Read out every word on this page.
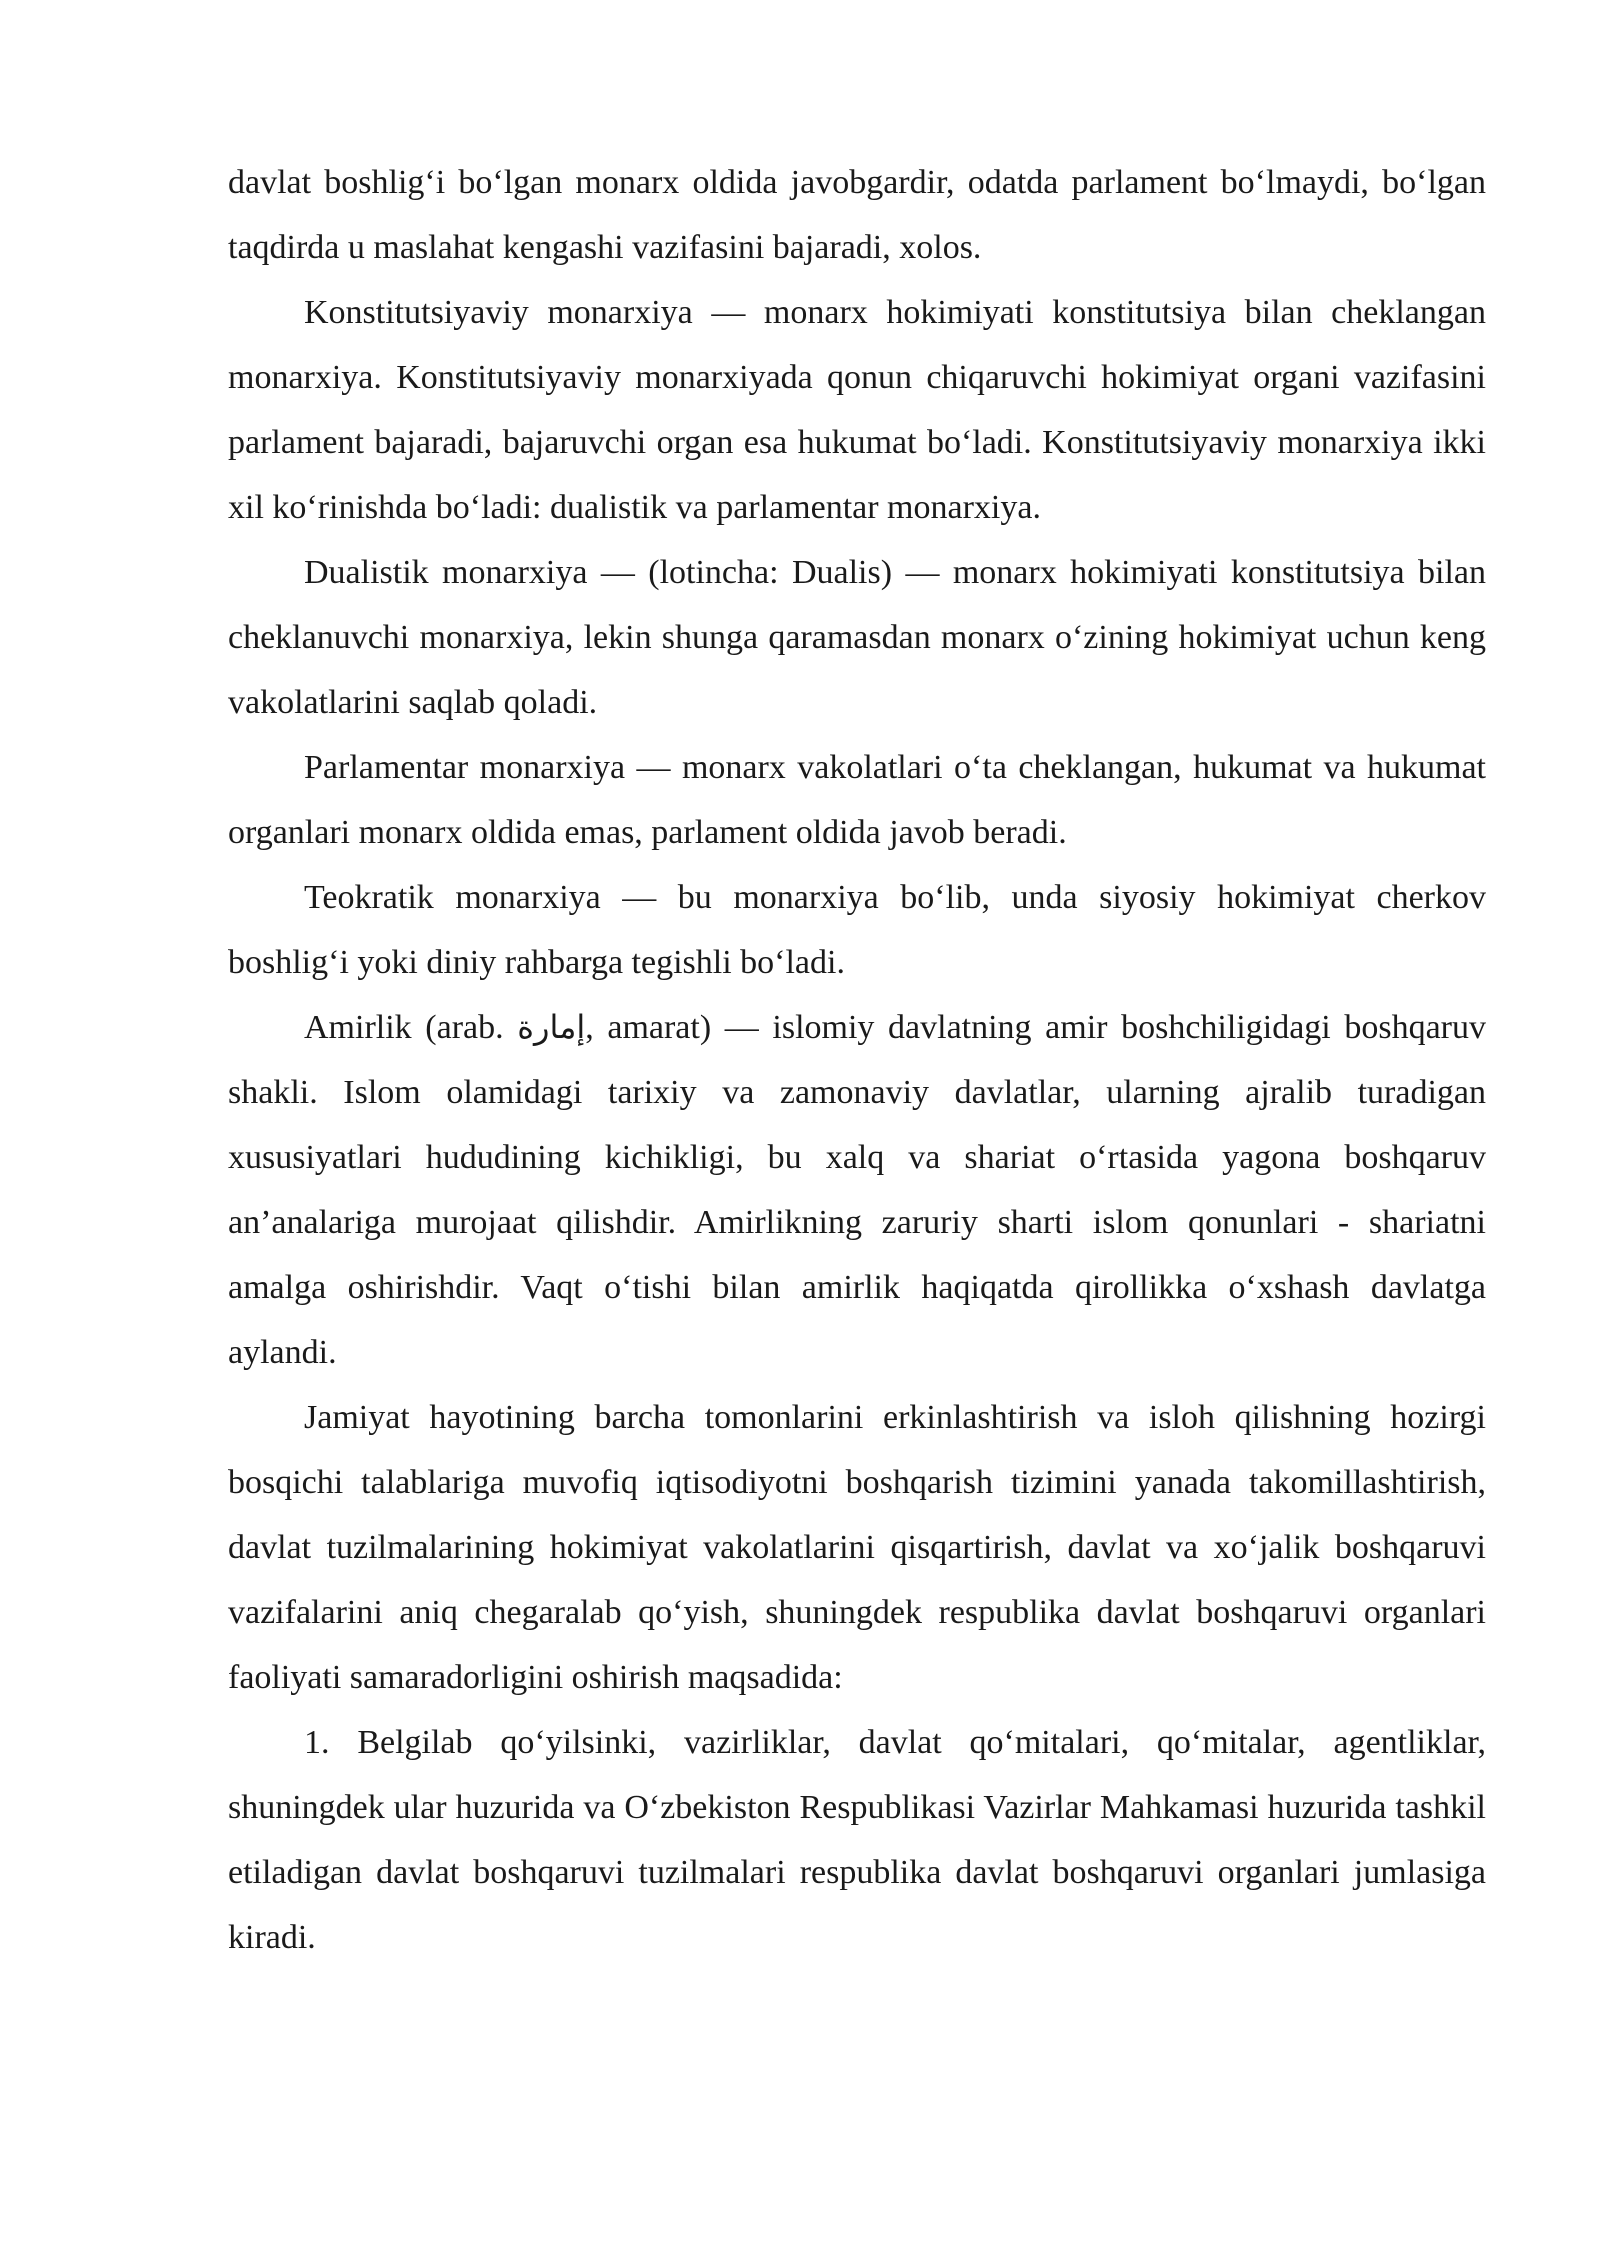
davlat boshlig‘i bo‘lgan monarx oldida javobgardir, odatda parlament bo‘lmaydi, bo‘lgan taqdirda u maslahat kengashi vazifasini bajaradi, xolos.

Konstitutsiyaviy monarxiya — monarx hokimiyati konstitutsiya bilan cheklangan monarxiya. Konstitutsiyaviy monarxiyada qonun chiqaruvchi hokimiyat organi vazifasini parlament bajaradi, bajaruvchi organ esa hukumat bo‘ladi. Konstitutsiyaviy monarxiya ikki xil ko‘rinishda bo‘ladi: dualistik va parlamentar monarxiya.

Dualistik monarxiya — (lotincha: Dualis) — monarx hokimiyati konstitutsiya bilan cheklanuvchi monarxiya, lekin shunga qaramasdan monarx o‘zining hokimiyat uchun keng vakolatlarini saqlab qoladi.

Parlamentar monarxiya — monarx vakolatlari o‘ta cheklangan, hukumat va hukumat organlari monarx oldida emas, parlament oldida javob beradi.

Teokratik monarxiya — bu monarxiya bo‘lib, unda siyosiy hokimiyat cherkov boshlig‘i yoki diniy rahbarga tegishli bo‘ladi.

Amirlik (arab. إمارة, amarat) — islomiy davlatning amir boshchiligidagi boshqaruv shakli. Islom olamidagi tarixiy va zamonaviy davlatlar, ularning ajralib turadigan xususiyatlari hududining kichikligi, bu xalq va shariat o‘rtasida yagona boshqaruv an’analariga murojaat qilishdir. Amirlikning zaruriy sharti islom qonunlari - shariatni amalga oshirishdir. Vaqt o‘tishi bilan amirlik haqiqatda qirollikka o‘xshash davlatga aylandi.

Jamiyat hayotining barcha tomonlarini erkinlashtirish va isloh qilishning hozirgi bosqichi talablariga muvofiq iqtisodiyotni boshqarish tizimini yanada takomillashtirish, davlat tuzilmalarining hokimiyat vakolatlarini qisqartirish, davlat va xo‘jalik boshqaruvi vazifalarini aniq chegaralab qo‘yish, shuningdek respublika davlat boshqaruvi organlari faoliyati samaradorligini oshirish maqsadida:

1. Belgilab qo‘yilsinki, vazirliklar, davlat qo‘mitalari, qo‘mitalar, agentliklar, shuningdek ular huzurida va O‘zbekiston Respublikasi Vazirlar Mahkamasi huzurida tashkil etiladigan davlat boshqaruvi tuzilmalari respublika davlat boshqaruvi organlari jumlasiga kiradi.
